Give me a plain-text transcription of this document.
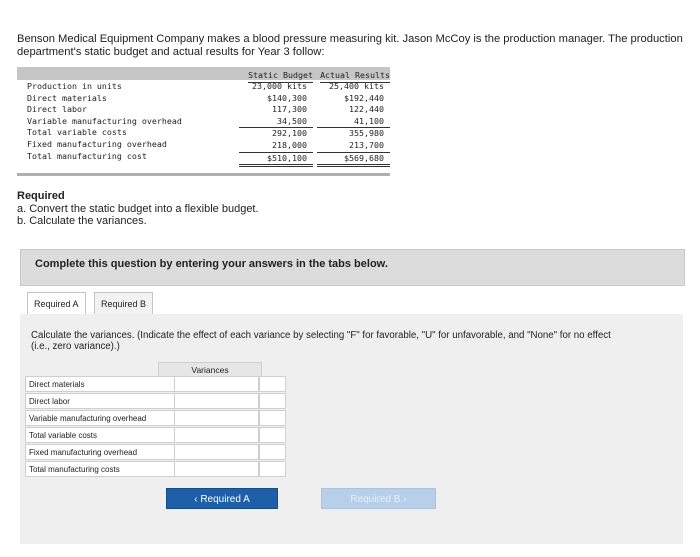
Benson Medical Equipment Company makes a blood pressure measuring kit. Jason McCoy is the production manager. The production department's static budget and actual results for Year 3 follow:
Production in units
Direct materials
Direct labor
Variable manufacturing overhead
Total variable costs
Fixed manufacturing overhead
Total manufacturing cost
Static Budget
23,000 kits
$140,300
117,300
34,500
292,100
218,000
$510,100
Actual Results
25,400 kits
$192,440
122,440
41,100
355,980
213,700
$569,680
Required
a. Convert the static budget into a flexible budget.
b. Calculate the variances.
Complete this question by entering your answers in the tabs below.
Required A	Required B
Calculate the variances. (Indicate the effect of each variance by selecting "F" for favorable, "U" for unfavorable, and "None" for no effect (i.e., zero variance).)
Variances
Direct materials
Direct labor
Variable manufacturing overhead
Total variable costs
Fixed manufacturing overhead
Total manufacturing costs
‹ Required A	Required B ›
